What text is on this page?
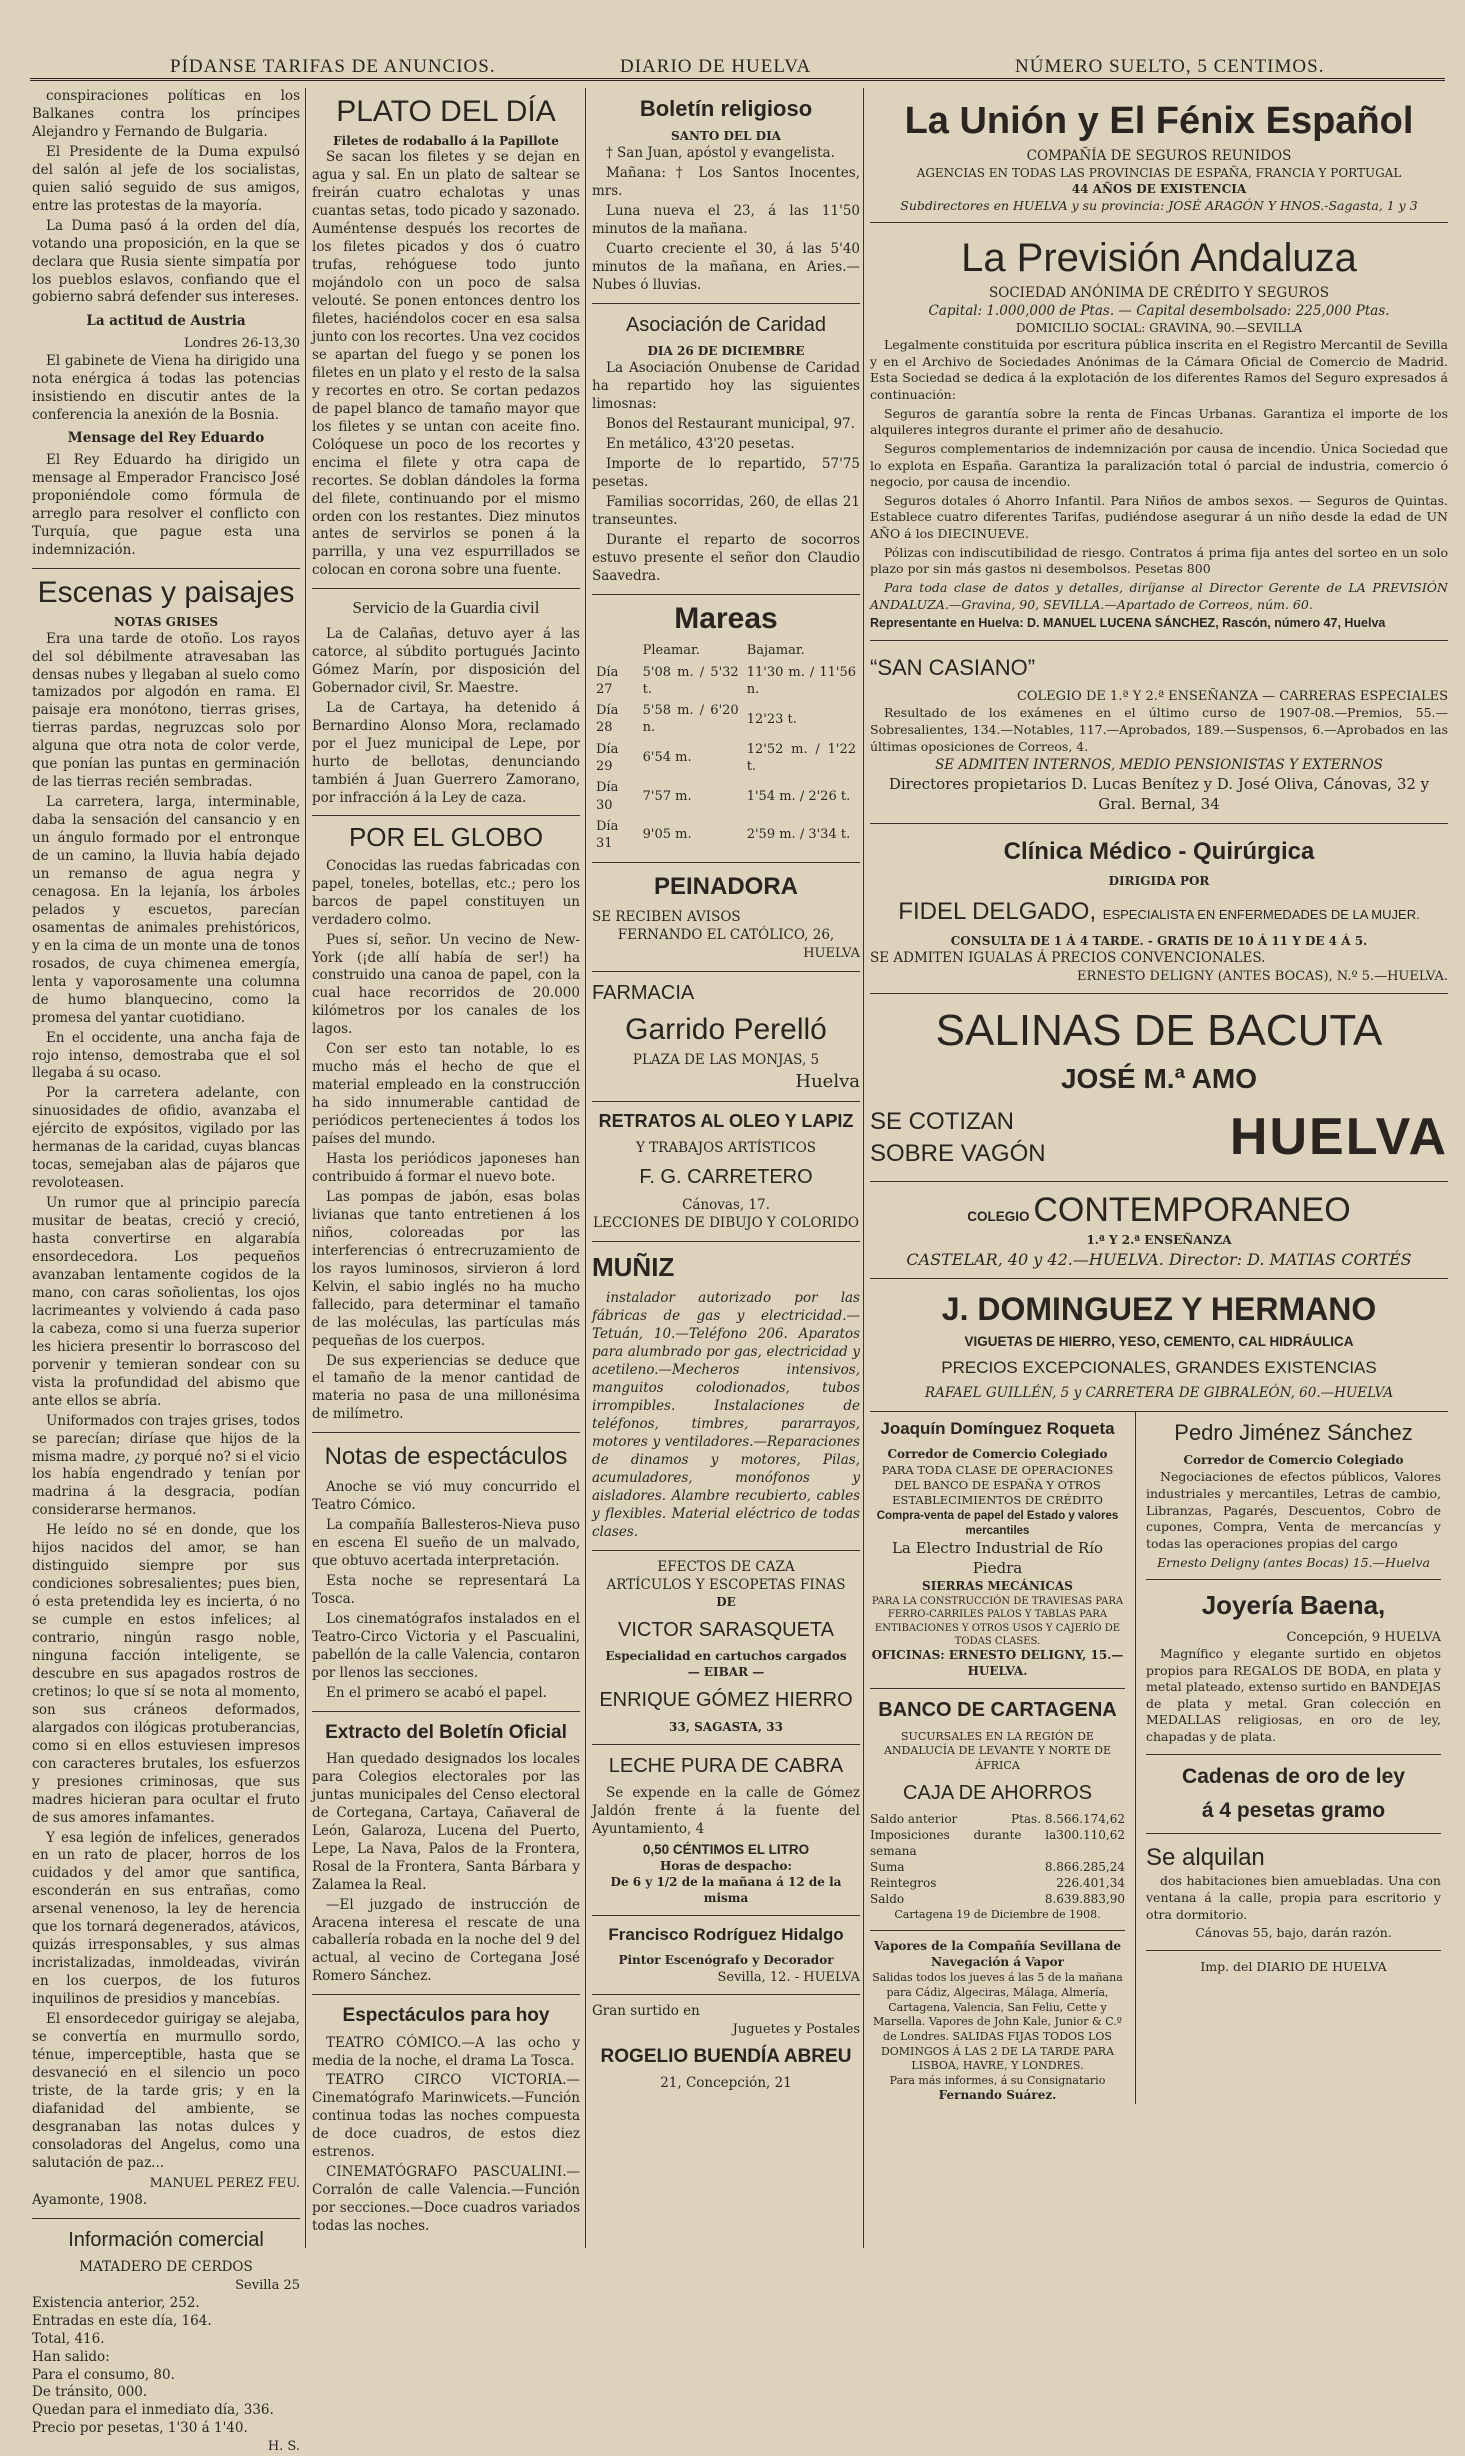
PÍDANSE TARIFAS DE ANUNCIOS.	DIARIO DE HUELVA	NÚMERO SUELTO, 5 CENTIMOS.

conspiraciones políticas en los Balkanes contra los príncipes Alejandro y Fernando de Bulgaria.

El Presidente de la Duma expulsó del salón al jefe de los socialistas, quien salió seguido de sus amigos, entre las protestas de la mayoría.

La Duma pasó á la orden del día, votando una proposición, en la que se declara que Rusia siente simpatía por los pueblos eslavos, confiando que el gobierno sabrá defender sus intereses.

La actitud de Austria
Londres 26-13,30

El gabinete de Viena ha dirigido una nota enérgica á todas las potencias insistiendo en discutir antes de la conferencia la anexión de la Bosnia.

Mensage del Rey Eduardo

El Rey Eduardo ha dirigido un mensage al Emperador Francisco José proponiéndole como fórmula de arreglo para resolver el conflicto con Turquía, que pague esta una indemnización.

Escenas y paisajes
NOTAS GRISES

Era una tarde de otoño. Los rayos del sol débilmente atravesaban las densas nubes y llegaban al suelo como tamizados por algodón en rama. El paisaje era monótono, tierras grises, tierras pardas, negruzcas solo por alguna que otra nota de color verde, que ponían las puntas en germinación de las tierras recién sembradas.

La carretera, larga, interminable, daba la sensación del cansancio y en un ángulo formado por el entronque de un camino, la lluvia había dejado un remanso de agua negra y cenagosa. En la lejanía, los árboles pelados y escuetos, parecían osamentas de animales prehistóricos, y en la cima de un monte una de tonos rosados, de cuya chimenea emergía, lenta y vaporosamente una columna de humo blanquecino, como la promesa del yantar cuotidiano.

En el occidente, una ancha faja de rojo intenso, demostraba que el sol llegaba á su ocaso.

Por la carretera adelante, con sinuosidades de ofidio, avanzaba el ejército de expósitos, vigilado por las hermanas de la caridad, cuyas blancas tocas, semejaban alas de pájaros que revoloteasen.

Un rumor que al principio parecía musitar de beatas, creció y creció, hasta convertirse en algarabía ensordecedora. Los pequeños avanzaban lentamente cogidos de la mano, con caras soñolientas, los ojos lacrimeantes y volviendo á cada paso la cabeza, como si una fuerza superior les hiciera presentir lo borrascoso del porvenir y temieran sondear con su vista la profundidad del abismo que ante ellos se abría.

Uniformados con trajes grises, todos se parecían; diríase que hijos de la misma madre, ¿y porqué no? si el vicio los había engendrado y tenían por madrina á la desgracia, podían considerarse hermanos.

He leído no sé en donde, que los hijos nacidos del amor, se han distinguido siempre por sus condiciones sobresalientes; pues bien, ó esta pretendida ley es incierta, ó no se cumple en estos infelices; al contrario, ningún rasgo noble, ninguna facción inteligente, se descubre en sus apagados rostros de cretinos; lo que sí se nota al momento, son sus cráneos deformados, alargados con ilógicas protuberancias, como si en ellos estuviesen impresos con caracteres brutales, los esfuerzos y presiones criminosas, que sus madres hicieran para ocultar el fruto de sus amores infamantes.

Y esa legión de infelices, generados en un rato de placer, horros de los cuidados y del amor que santifica, esconderán en sus entrañas, como arsenal venenoso, la ley de herencia que los tornará degenerados, atávicos, quizás irresponsables, y sus almas incristalizadas, inmoldeadas, vivirán en los cuerpos, de los futuros inquilinos de presidios y mancebías.

El ensordecedor guirigay se alejaba, se convertía en murmullo sordo, ténue, imperceptible, hasta que se desvaneció en el silencio un poco triste, de la tarde gris; y en la diafanidad del ambiente, se desgranaban las notas dulces y consoladoras del Angelus, como una salutación de paz...

MANUEL PEREZ FEU.
Ayamonte, 1908.
Información comercial
MATADERO DE CERDOS
Sevilla 25
Existencia anterior, 252.
Entradas en este día, 164.
Total, 416.
Han salido:
Para el consumo, 80.
De tránsito, 000.
Quedan para el inmediato día, 336.
Precio por pesetas, 1'30 á 1'40.
H. S.
PLATO DEL DÍA
Filetes de rodaballo á la Papillote

Se sacan los filetes y se dejan en agua y sal. En un plato de saltear se freirán cuatro echalotas y unas cuantas setas, todo picado y sazonado. Auméntense después los recortes de los filetes picados y dos ó cuatro trufas, rehóguese todo junto mojándolo con un poco de salsa velouté. Se ponen entonces dentro los filetes, haciéndolos cocer en esa salsa junto con los recortes. Una vez cocidos se apartan del fuego y se ponen los filetes en un plato y el resto de la salsa y recortes en otro. Se cortan pedazos de papel blanco de tamaño mayor que los filetes y se untan con aceite fino. Colóquese un poco de los recortes y encima el filete y otra capa de recortes. Se doblan dándoles la forma del filete, continuando por el mismo orden con los restantes. Diez minutos antes de servirlos se ponen á la parrilla, y una vez espurrillados se colocan en corona sobre una fuente.

Servicio de la Guardia civil

La de Calañas, detuvo ayer á las catorce, al súbdito portugués Jacinto Gómez Marín, por disposición del Gobernador civil, Sr. Maestre.

La de Cartaya, ha detenido á Bernardino Alonso Mora, reclamado por el Juez municipal de Lepe, por hurto de bellotas, denunciando también á Juan Guerrero Zamorano, por infracción á la Ley de caza.

POR EL GLOBO

Conocidas las ruedas fabricadas con papel, toneles, botellas, etc.; pero los barcos de papel constituyen un verdadero colmo.

Pues sí, señor. Un vecino de New-York (¡de allí había de ser!) ha construido una canoa de papel, con la cual hace recorridos de 20.000 kilómetros por los canales de los lagos.

Con ser esto tan notable, lo es mucho más el hecho de que el material empleado en la construcción ha sido innumerable cantidad de periódicos pertenecientes á todos los países del mundo.

Hasta los periódicos japoneses han contribuido á formar el nuevo bote.

Las pompas de jabón, esas bolas livianas que tanto entretienen á los niños, coloreadas por las interferencias ó entrecruzamiento de los rayos luminosos, sirvieron á lord Kelvin, el sabio inglés no ha mucho fallecido, para determinar el tamaño de las moléculas, las partículas más pequeñas de los cuerpos.

De sus experiencias se deduce que el tamaño de la menor cantidad de materia no pasa de una millonésima de milímetro.

Notas de espectáculos

Anoche se vió muy concurrido el Teatro Cómico.

La compañía Ballesteros-Nieva puso en escena El sueño de un malvado, que obtuvo acertada interpretación.

Esta noche se representará La Tosca.

Los cinematógrafos instalados en el Teatro-Circo Victoria y el Pascualini, pabellón de la calle Valencia, contaron por llenos las secciones.

En el primero se acabó el papel.

Extracto del Boletín Oficial

Han quedado designados los locales para Colegios electorales por las juntas municipales del Censo electoral de Cortegana, Cartaya, Cañaveral de León, Galaroza, Lucena del Puerto, Lepe, La Nava, Palos de la Frontera, Rosal de la Frontera, Santa Bárbara y Zalamea la Real.

—El juzgado de instrucción de Aracena interesa el rescate de una caballería robada en la noche del 9 del actual, al vecino de Cortegana José Romero Sánchez.

Espectáculos para hoy

TEATRO CÓMICO.—A las ocho y media de la noche, el drama La Tosca.

TEATRO CIRCO VICTORIA.—Cinematógrafo Marinwicets.—Función continua todas las noches compuesta de doce cuadros, de estos diez estrenos.

CINEMATÓGRAFO PASCUALINI.—Corralón de calle Valencia.—Función por secciones.—Doce cuadros variados todas las noches.

Boletín religioso
SANTO DEL DIA

† San Juan, apóstol y evangelista.

Mañana: † Los Santos Inocentes, mrs.

Luna nueva el 23, á las 11'50 minutos de la mañana.

Cuarto creciente el 30, á las 5'40 minutos de la mañana, en Aries.—Nubes ó lluvias.

Asociación de Caridad
DIA 26 DE DICIEMBRE

La Asociación Onubense de Caridad ha repartido hoy las siguientes limosnas:

Bonos del Restaurant municipal, 97.

En metálico, 43'20 pesetas.

Importe de lo repartido, 57'75 pesetas.

Familias socorridas, 260, de ellas 21 transeuntes.

Durante el reparto de socorros estuvo presente el señor don Claudio Saavedra.

Mareas
	Pleamar.	Bajamar.
Día 27	5'08 m. / 5'32 t.	11'30 m. / 11'56 n.
Día 28	5'58 m. / 6'20 n.	12'23 t.
Día 29	6'54 m.	12'52 m. / 1'22 t.
Día 30	7'57 m.	1'54 m. / 2'26 t.
Día 31	9'05 m.	2'59 m. / 3'34 t.
PEINADORA
SE RECIBEN AVISOS
FERNANDO EL CATÓLICO, 26,
HUELVA
FARMACIA
Garrido Perelló
PLAZA DE LAS MONJAS, 5
Huelva
RETRATOS AL OLEO Y LAPIZ
Y TRABAJOS ARTÍSTICOS
F. G. CARRETERO
Cánovas, 17.
LECCIONES DE DIBUJO Y COLORIDO
MUÑIZ

instalador autorizado por las fábricas de gas y electricidad.—Tetuán, 10.—Teléfono 206. Aparatos para alumbrado por gas, electricidad y acetileno.—Mecheros intensivos, manguitos colodionados, tubos irrompibles. Instalaciones de teléfonos, timbres, pararrayos, motores y ventiladores.—Reparaciones de dinamos y motores, Pilas, acumuladores, monófonos y aisladores. Alambre recubierto, cables y flexibles. Material eléctrico de todas clases.

EFECTOS DE CAZA
ARTÍCULOS Y ESCOPETAS FINAS
DE
VICTOR SARASQUETA
Especialidad en cartuchos cargados
— EIBAR —
ENRIQUE GÓMEZ HIERRO
33, SAGASTA, 33
LECHE PURA DE CABRA

Se expende en la calle de Gómez Jaldón frente á la fuente del Ayuntamiento, 4

0,50 CÉNTIMOS EL LITRO
Horas de despacho:
De 6 y 1/2 de la mañana á 12 de la misma
Francisco Rodríguez Hidalgo
Pintor Escenógrafo y Decorador
Sevilla, 12. - HUELVA
Gran surtido en
Juguetes y Postales
ROGELIO BUENDÍA ABREU
21, Concepción, 21
La Unión y El Fénix Español
COMPAÑÍA DE SEGUROS REUNIDOS
AGENCIAS EN TODAS LAS PROVINCIAS DE ESPAÑA, FRANCIA Y PORTUGAL
44 AÑOS DE EXISTENCIA
Subdirectores en HUELVA y su provincia: JOSÉ ARAGÓN Y HNOS.-Sagasta, 1 y 3
La Previsión Andaluza
SOCIEDAD ANÓNIMA DE CRÉDITO Y SEGUROS
Capital: 1.000,000 de Ptas. — Capital desembolsado: 225,000 Ptas.
DOMICILIO SOCIAL: GRAVINA, 90.—SEVILLA

Legalmente constituida por escritura pública inscrita en el Registro Mercantil de Sevilla y en el Archivo de Sociedades Anónimas de la Cámara Oficial de Comercio de Madrid. Esta Sociedad se dedica á la explotación de los diferentes Ramos del Seguro expresados á continuación:

Seguros de garantía sobre la renta de Fincas Urbanas. Garantiza el importe de los alquileres integros durante el primer año de desahucio.

Seguros complementarios de indemnización por causa de incendio. Única Sociedad que lo explota en España. Garantiza la paralización total ó parcial de industria, comercio ó negocio, por causa de incendio.

Seguros dotales ó Ahorro Infantil. Para Niños de ambos sexos. — Seguros de Quintas. Establece cuatro diferentes Tarifas, pudiéndose asegurar á un niño desde la edad de UN AÑO á los DIECINUEVE.

Pólizas con indiscutibilidad de riesgo. Contratos á prima fija antes del sorteo en un solo plazo por sin más gastos ni desembolsos. Pesetas 800

Para toda clase de datos y detalles, diríjanse al Director Gerente de LA PREVISIÓN ANDALUZA.—Gravina, 90, SEVILLA.—Apartado de Correos, núm. 60.

Representante en Huelva: D. MANUEL LUCENA SÁNCHEZ, Rascón, número 47, Huelva
“SAN CASIANO”
COLEGIO DE 1.ª Y 2.ª ENSEÑANZA — CARRERAS ESPECIALES

Resultado de los exámenes en el último curso de 1907-08.—Premios, 55.—Sobresalientes, 134.—Notables, 117.—Aprobados, 189.—Suspensos, 6.—Aprobados en las últimas oposiciones de Correos, 4.

SE ADMITEN INTERNOS, MEDIO PENSIONISTAS Y EXTERNOS
Directores propietarios D. Lucas Benítez y D. José Oliva, Cánovas, 32 y Gral. Bernal, 34
Clínica Médico - Quirúrgica
DIRIGIDA POR
FIDEL DELGADO, ESPECIALISTA EN ENFERMEDADES DE LA MUJER.
CONSULTA DE 1 Á 4 TARDE. - GRATIS DE 10 Á 11 Y DE 4 Á 5.
SE ADMITEN IGUALAS Á PRECIOS CONVENCIONALES.
ERNESTO DELIGNY (ANTES BOCAS), N.º 5.—HUELVA.
SALINAS DE BACUTA
JOSÉ M.ª AMO
SE COTIZAN
SOBRE VAGÓN	HUELVA
COLEGIO CONTEMPORANEO
1.ª Y 2.ª ENSEÑANZA
CASTELAR, 40 y 42.—HUELVA. Director: D. MATIAS CORTÉS
J. DOMINGUEZ Y HERMANO
VIGUETAS DE HIERRO, YESO, CEMENTO, CAL HIDRÁULICA
PRECIOS EXCEPCIONALES, GRANDES EXISTENCIAS
RAFAEL GUILLÉN, 5 y CARRETERA DE GIBRALEÓN, 60.—HUELVA
Joaquín Domínguez Roqueta
Corredor de Comercio Colegiado
PARA TODA CLASE DE OPERACIONES DEL BANCO DE ESPAÑA Y OTROS ESTABLECIMIENTOS DE CRÉDITO
Compra-venta de papel del Estado y valores mercantiles
La Electro Industrial de Río Piedra
SIERRAS MECÁNICAS
PARA LA CONSTRUCCIÓN DE TRAVIESAS PARA FERRO-CARRILES PALOS Y TABLAS PARA ENTIBACIONES Y OTROS USOS Y CAJERÍO DE TODAS CLASES.
OFICINAS: ERNESTO DELIGNY, 15.—HUELVA.
BANCO DE CARTAGENA
SUCURSALES EN LA REGIÓN DE ANDALUCÍA DE LEVANTE Y NORTE DE ÁFRICA
CAJA DE AHORROS
Saldo anterior	Ptas. 8.566.174,62
Imposiciones durante la semana
300.110,62
Suma	8.866.285,24
Reintegros	226.401,34
Saldo	8.639.883,90
Cartagena 19 de Diciembre de 1908.
Vapores de la Compañía Sevillana de Navegación á Vapor
Salidas todos los jueves á las 5 de la mañana para Cádiz, Algeciras, Málaga, Almería, Cartagena, Valencia, San Feliu, Cette y Marsella. Vapores de John Kale, Junior & C.º de Londres. SALIDAS FIJAS TODOS LOS DOMINGOS Á LAS 2 DE LA TARDE PARA LISBOA, HAVRE, Y LONDRES.
Para más informes, á su Consignatario
Fernando Suárez.
Pedro Jiménez Sánchez
Corredor de Comercio Colegiado

Negociaciones de efectos públicos, Valores industriales y mercantiles, Letras de cambio, Libranzas, Pagarés, Descuentos, Cobro de cupones, Compra, Venta de mercancías y todas las operaciones propias del cargo

Ernesto Deligny (antes Bocas) 15.—Huelva
Joyería Baena,
Concepción, 9 HUELVA

Magnífico y elegante surtido en objetos propios para REGALOS DE BODA, en plata y metal plateado, extenso surtido en BANDEJAS de plata y metal. Gran colección en MEDALLAS religiosas, en oro de ley, chapadas y de plata.

Cadenas de oro de ley
á 4 pesetas gramo
Se alquilan

dos habitaciones bien amuebladas. Una con ventana á la calle, propia para escritorio y otra dormitorio.

Cánovas 55, bajo, darán razón.
Imp. del DIARIO DE HUELVA
